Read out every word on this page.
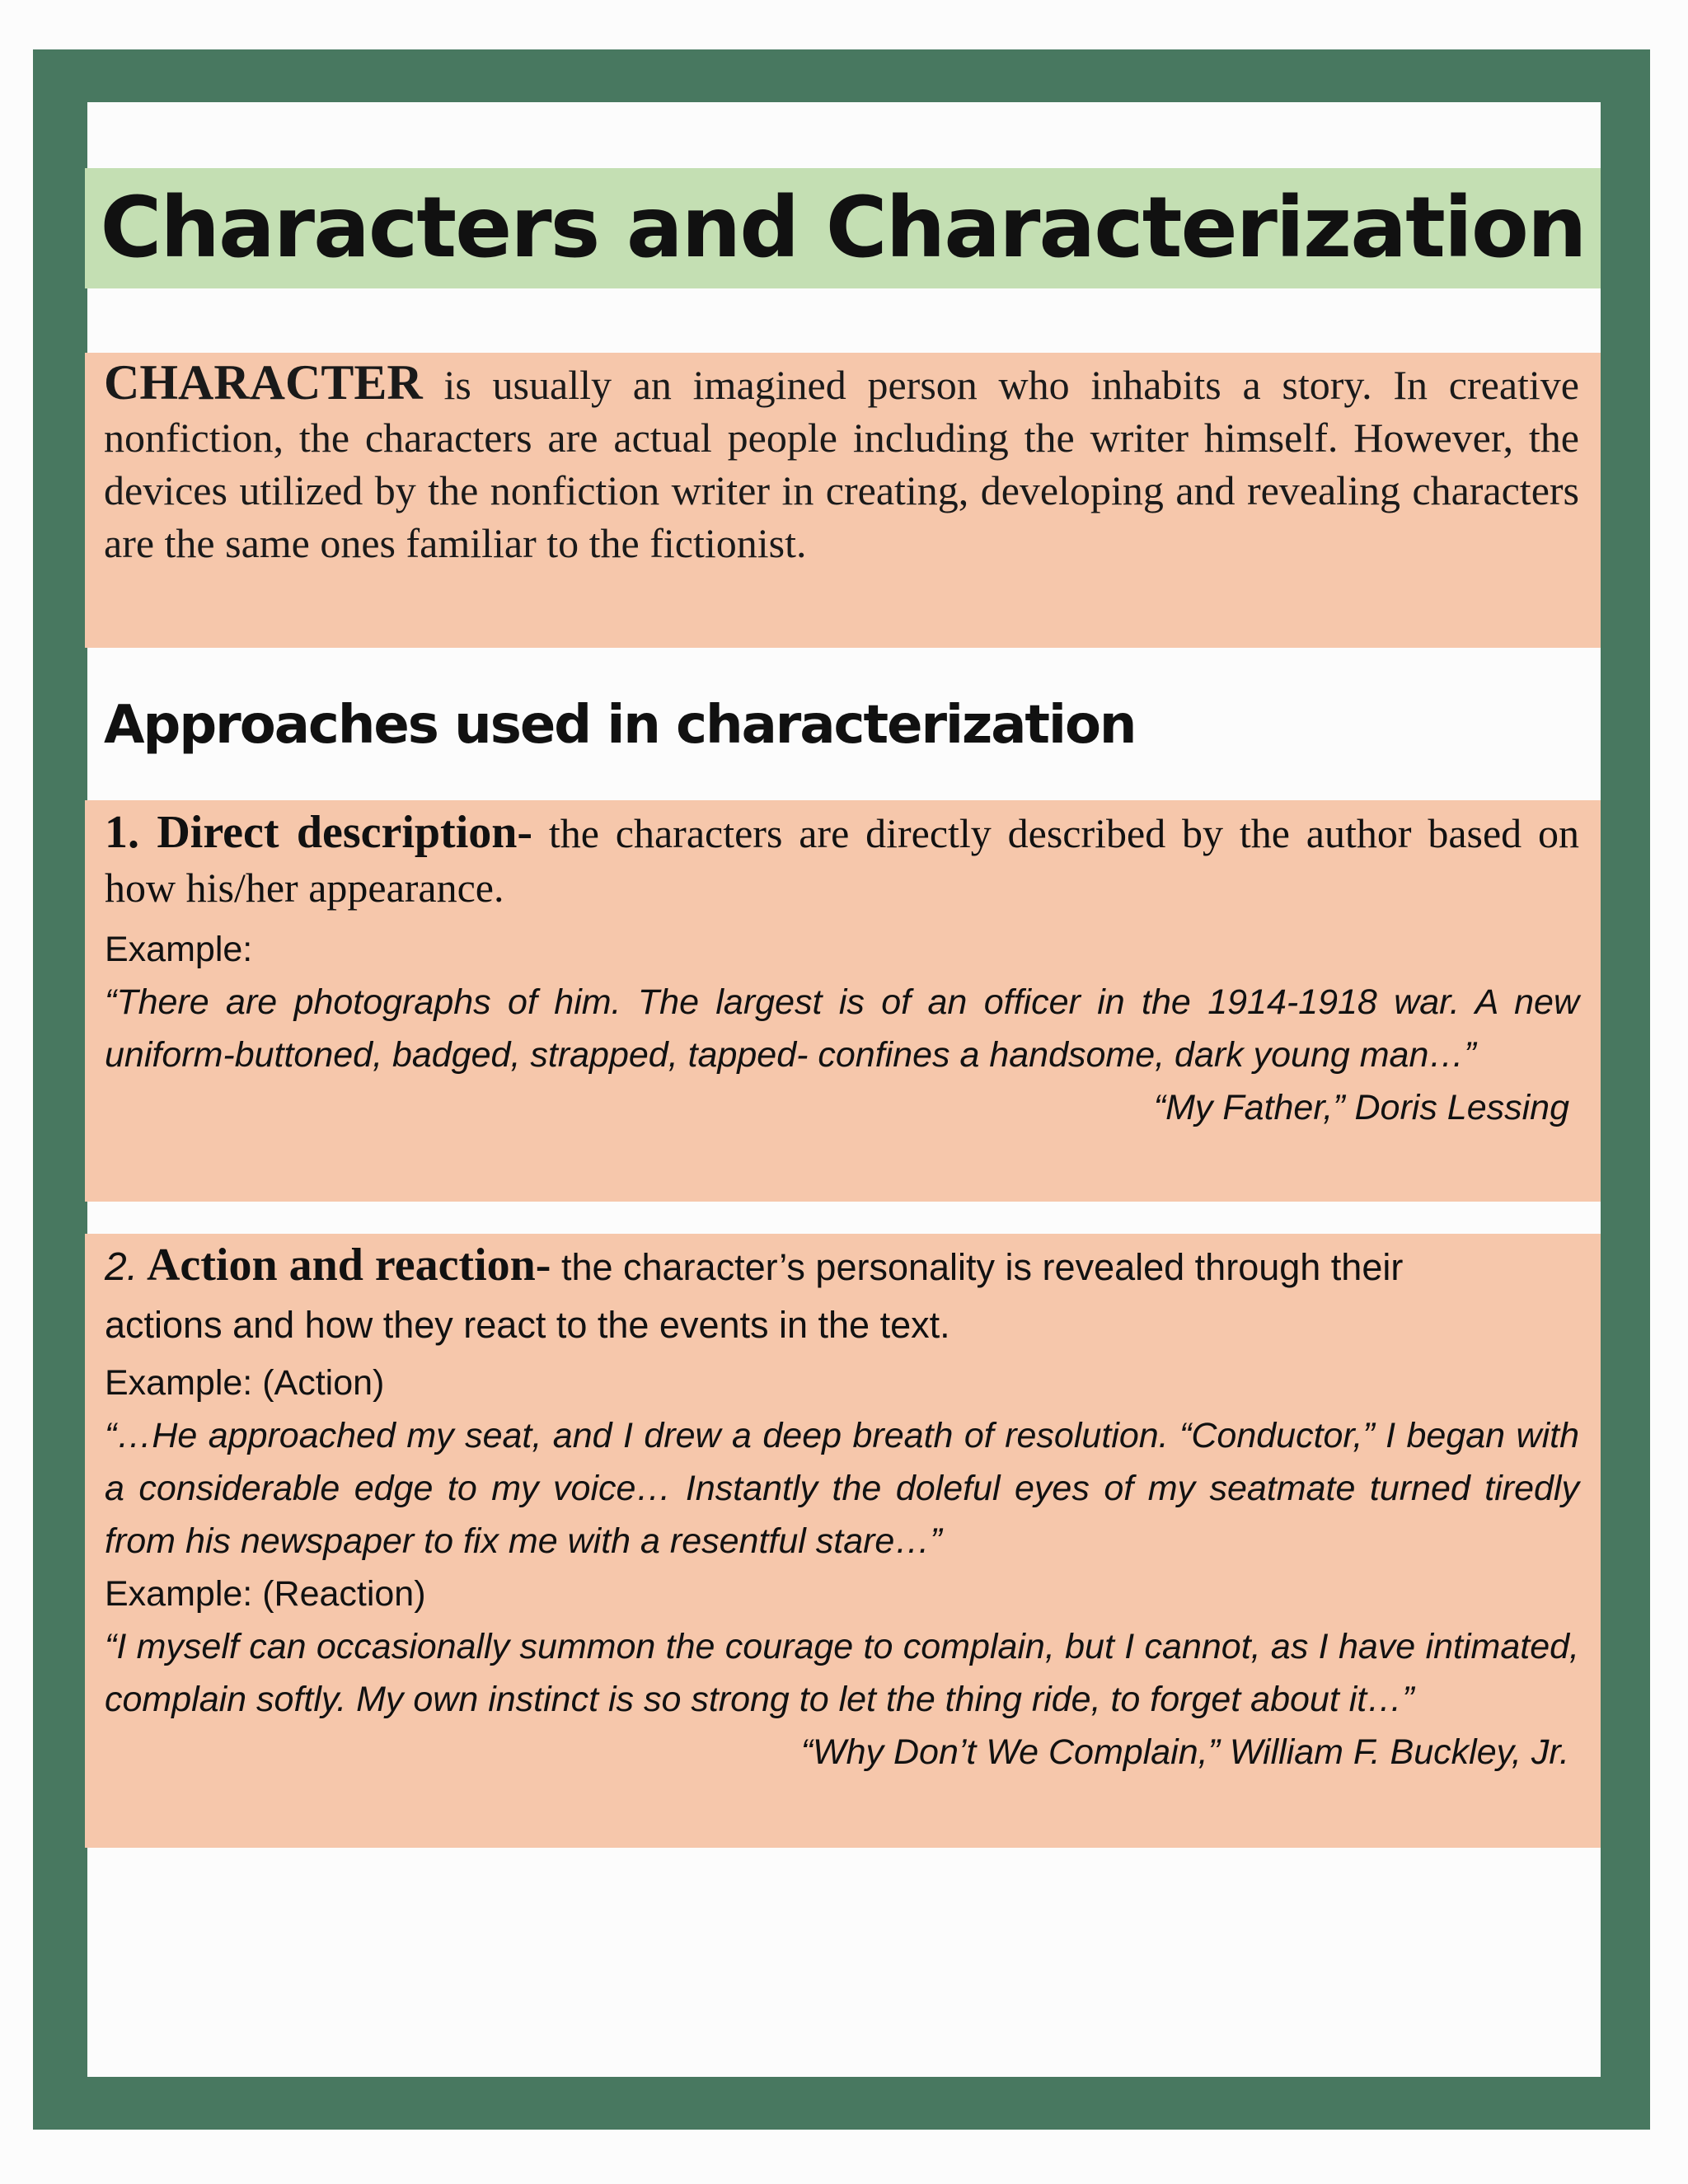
Characters and Characterization

CHARACTER is usually an imagined person who inhabits a story. In creative nonfiction, the characters are actual people including the writer himself. However, the devices utilized by the nonfiction writer in creating, developing and revealing characters are the same ones familiar to the fictionist.

Approaches used in characterization

1. Direct description- the characters are directly described by the author based on how his/her appearance.

Example:

“There are photographs of him. The largest is of an officer in the 1914-1918 war. A new uniform-buttoned, badged, strapped, tapped- confines a handsome, dark young man…”

“My Father,” Doris Lessing

2. Action and reaction- the character’s personality is revealed through their

actions and how they react to the events in the text.

Example: (Action)

“…He approached my seat, and I drew a deep breath of resolution. “Conductor,” I began with a considerable edge to my voice… Instantly the doleful eyes of my seatmate turned tiredly from his newspaper to fix me with a resentful stare…”

Example: (Reaction)

“I myself can occasionally summon the courage to complain, but I cannot, as I have intimated, complain softly. My own instinct is so strong to let the thing ride, to forget about it…”

“Why Don’t We Complain,” William F. Buckley, Jr.
